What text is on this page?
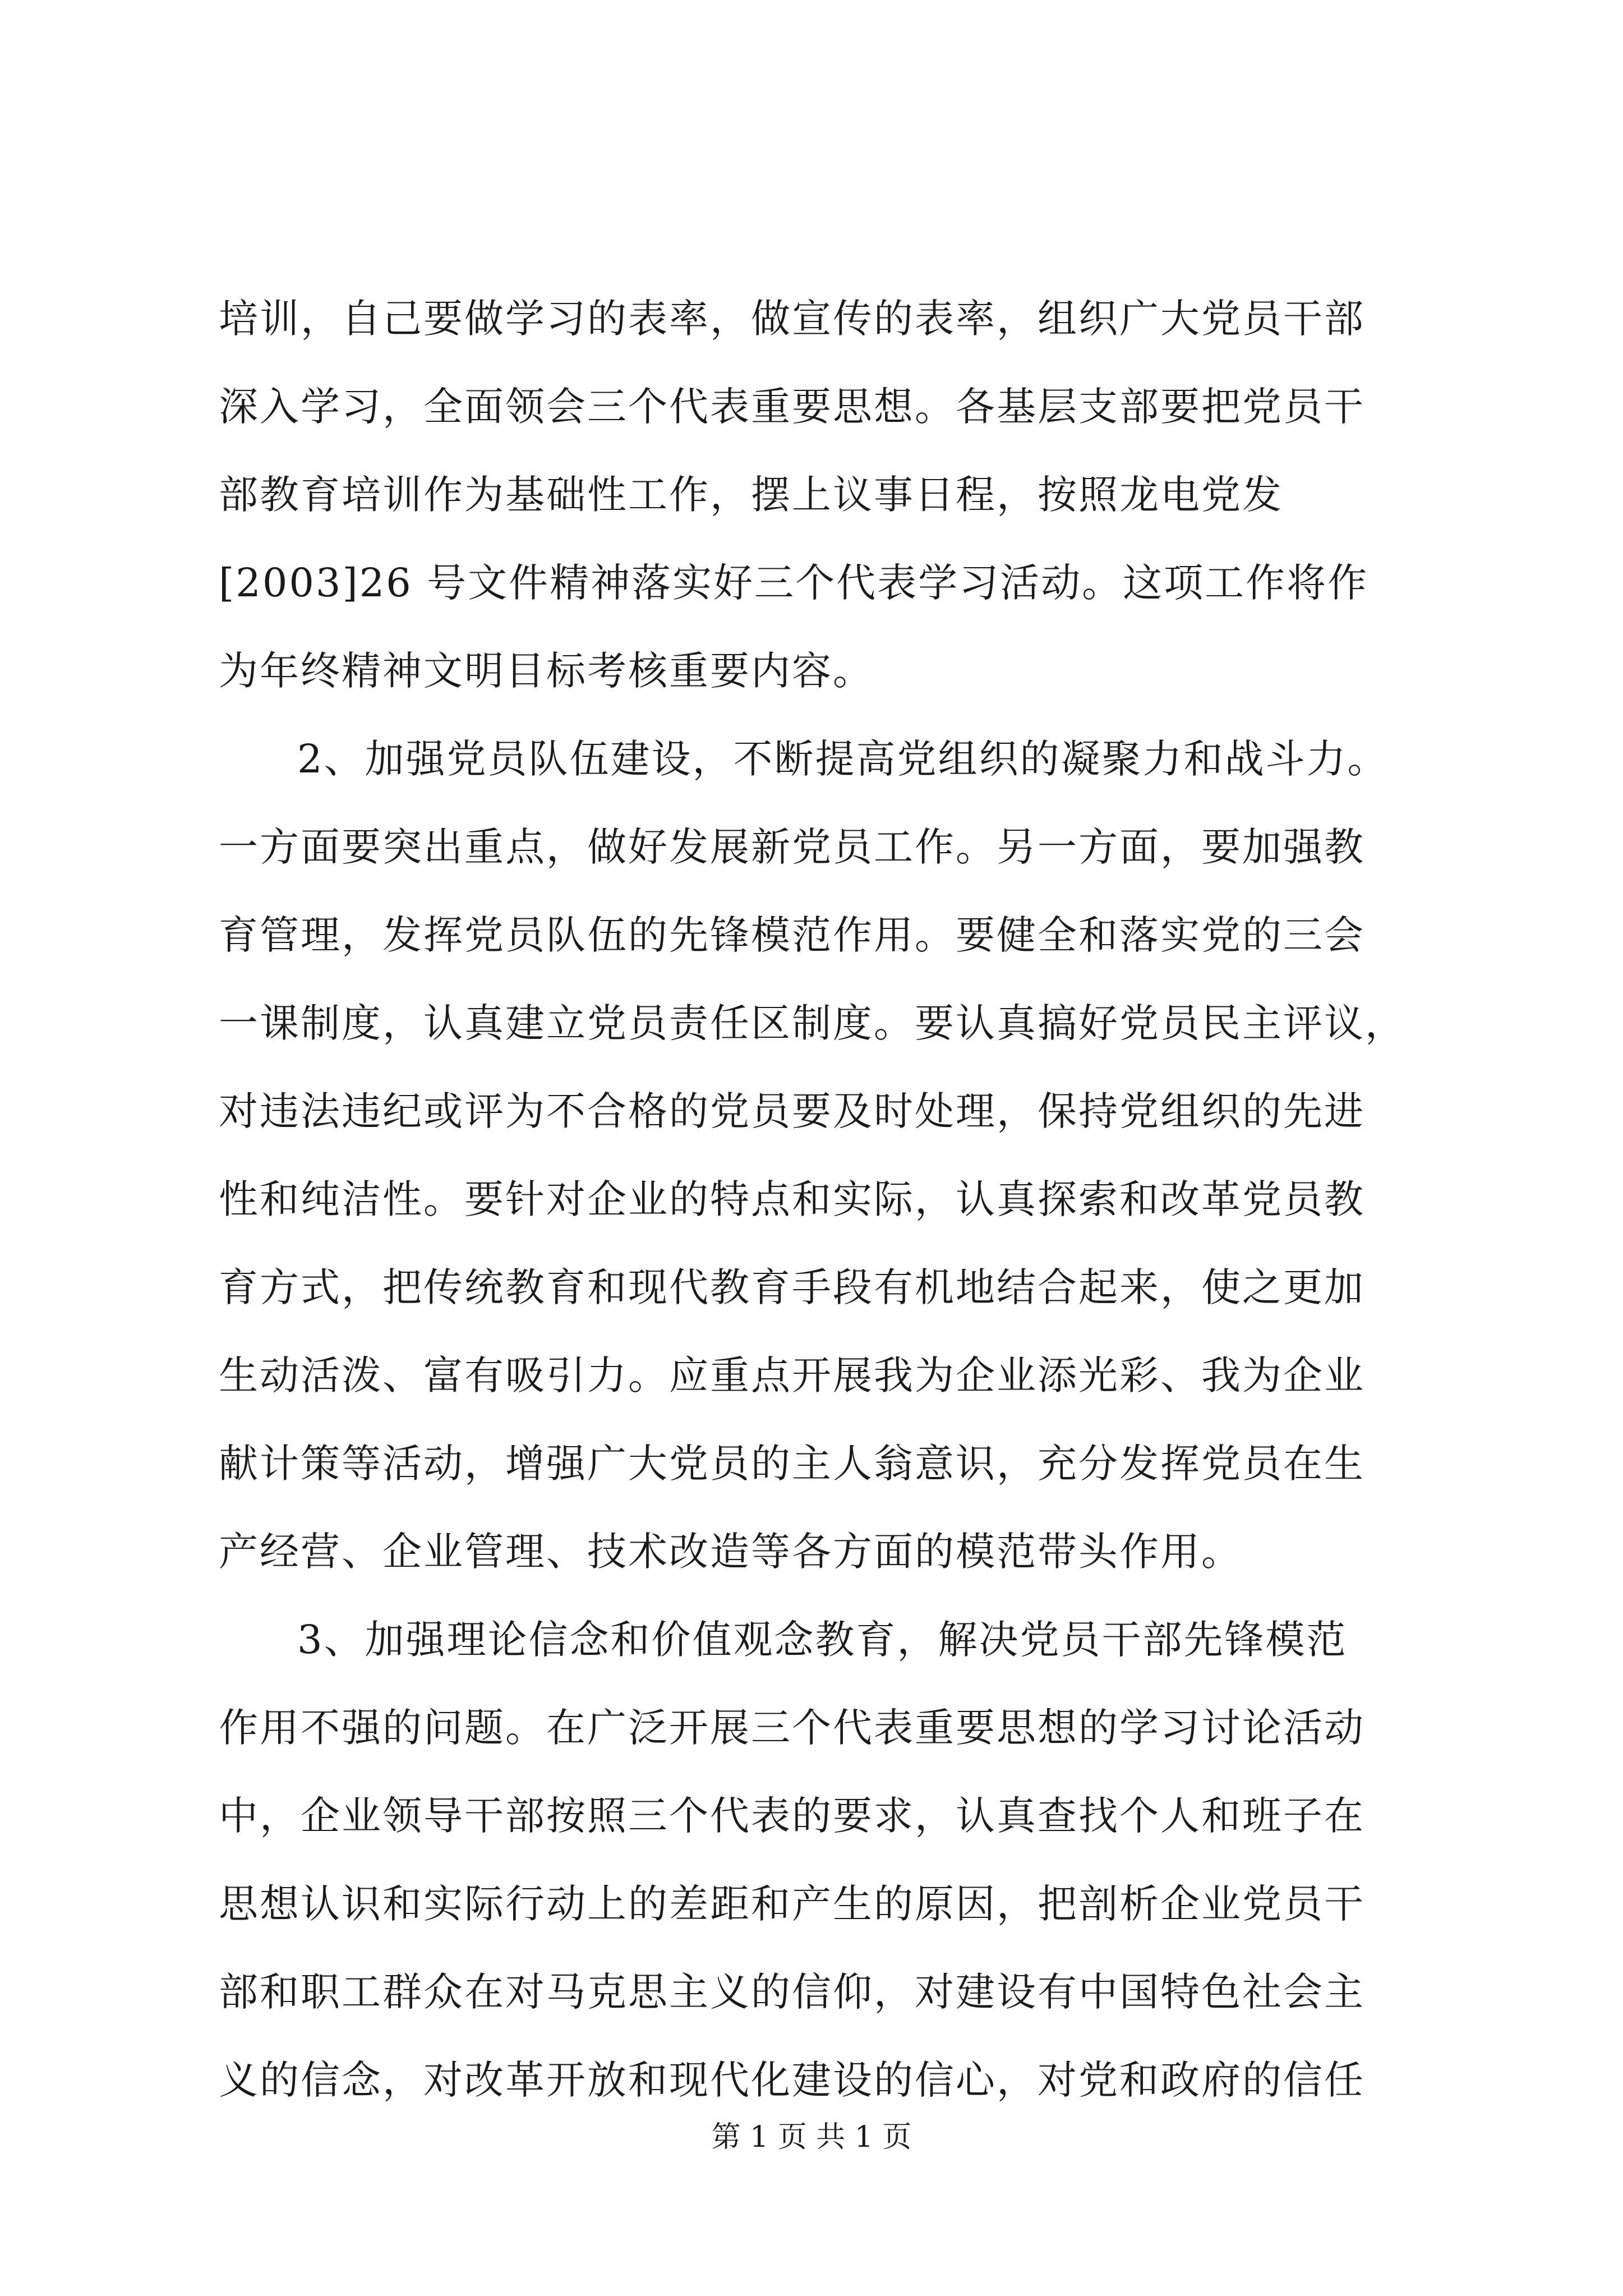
培训，自己要做学习的表率，做宣传的表率，组织广大党员干部
深入学习，全面领会三个代表重要思想。各基层支部要把党员干
部教育培训作为基础性工作，摆上议事日程，按照龙电党发
[2003]26 号文件精神落实好三个代表学习活动。这项工作将作
为年终精神文明目标考核重要内容。
2、加强党员队伍建设，不断提高党组织的凝聚力和战斗力。
一方面要突出重点，做好发展新党员工作。另一方面，要加强教
育管理，发挥党员队伍的先锋模范作用。要健全和落实党的三会
一课制度，认真建立党员责任区制度。要认真搞好党员民主评议，
对违法违纪或评为不合格的党员要及时处理，保持党组织的先进
性和纯洁性。要针对企业的特点和实际，认真探索和改革党员教
育方式，把传统教育和现代教育手段有机地结合起来，使之更加
生动活泼、富有吸引力。应重点开展我为企业添光彩、我为企业
献计策等活动，增强广大党员的主人翁意识，充分发挥党员在生
产经营、企业管理、技术改造等各方面的模范带头作用。
3、加强理论信念和价值观念教育，解决党员干部先锋模范
作用不强的问题。在广泛开展三个代表重要思想的学习讨论活动
中，企业领导干部按照三个代表的要求，认真查找个人和班子在
思想认识和实际行动上的差距和产生的原因，把剖析企业党员干
部和职工群众在对马克思主义的信仰，对建设有中国特色社会主
义的信念，对改革开放和现代化建设的信心，对党和政府的信任
第 1 页 共 1 页
